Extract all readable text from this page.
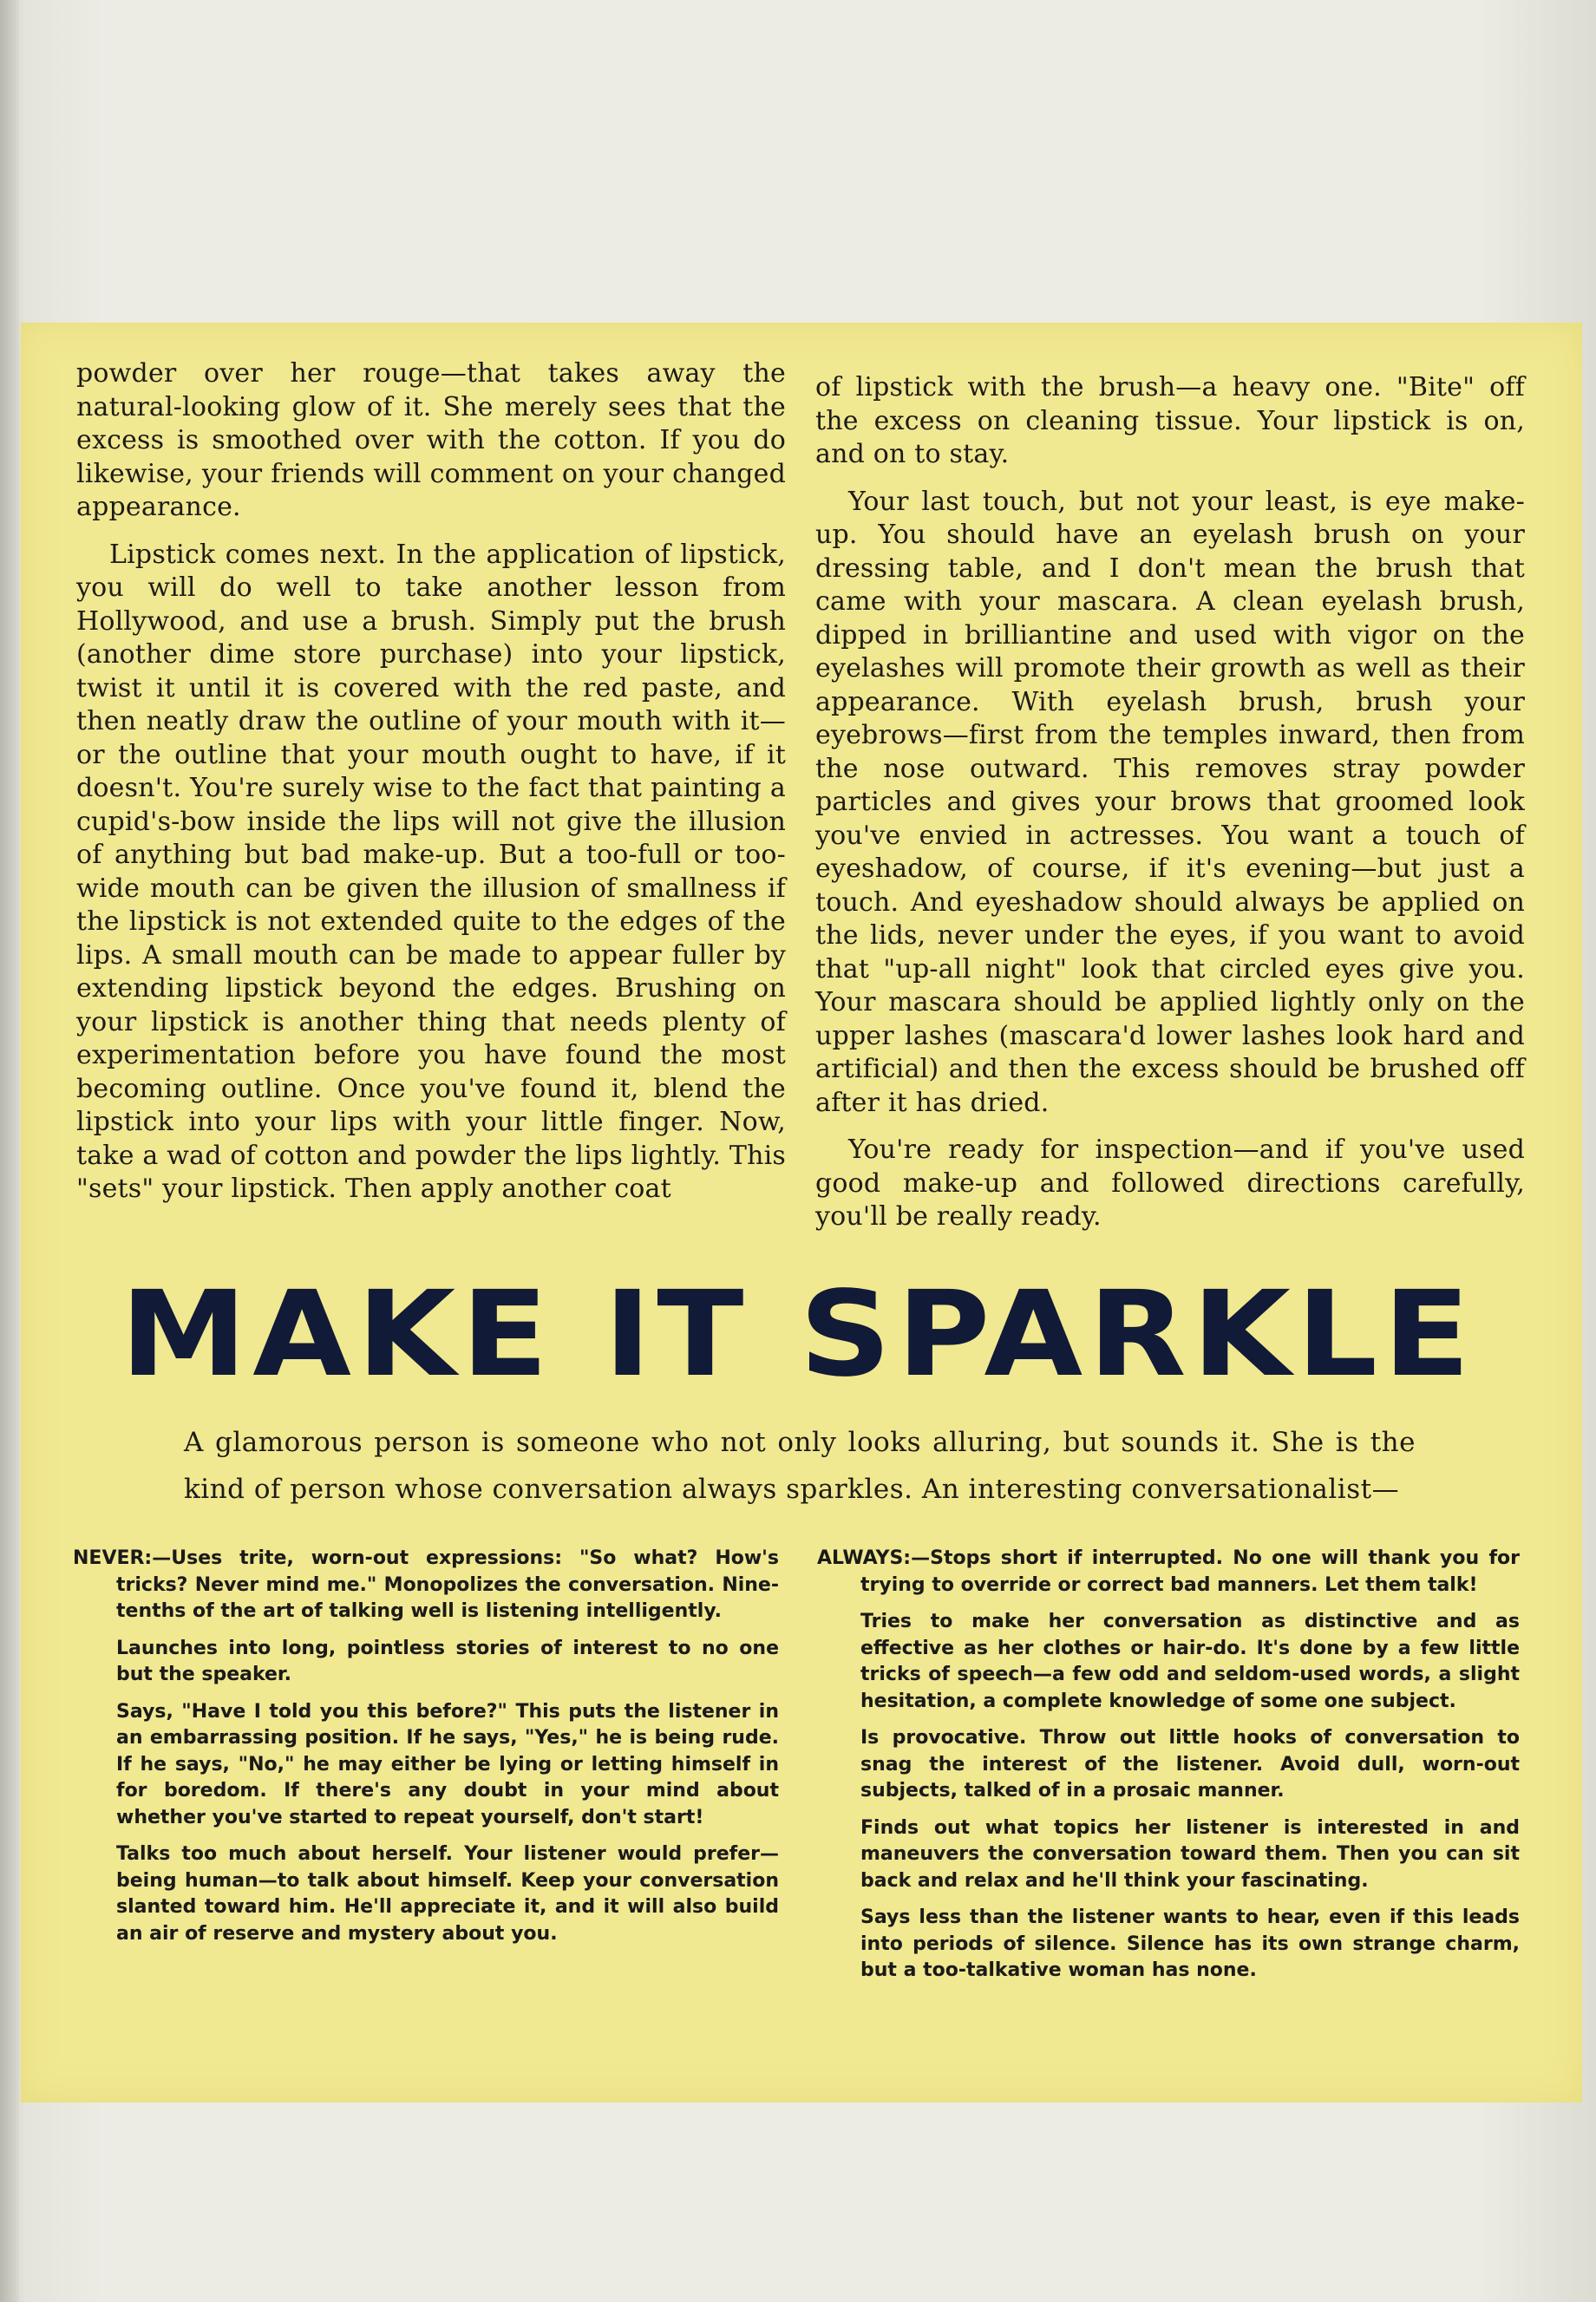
powder over her rouge—that takes away the natural-looking glow of it. She merely sees that the excess is smoothed over with the cotton. If you do likewise, your friends will comment on your changed appearance.

Lipstick comes next. In the application of lipstick, you will do well to take another lesson from Hollywood, and use a brush. Simply put the brush (another dime store purchase) into your lipstick, twist it until it is covered with the red paste, and then neatly draw the outline of your mouth with it—or the outline that your mouth ought to have, if it doesn't. You're surely wise to the fact that painting a cupid's-bow inside the lips will not give the illusion of anything but bad make-up. But a too-full or too-wide mouth can be given the illusion of smallness if the lipstick is not extended quite to the edges of the lips. A small mouth can be made to appear fuller by extending lipstick beyond the edges. Brushing on your lipstick is another thing that needs plenty of experimentation before you have found the most becoming outline. Once you've found it, blend the lipstick into your lips with your little finger. Now, take a wad of cotton and powder the lips lightly. This "sets" your lipstick. Then apply another coat

of lipstick with the brush—a heavy one. "Bite" off the excess on cleaning tissue. Your lipstick is on, and on to stay.

Your last touch, but not your least, is eye make-up. You should have an eyelash brush on your dressing table, and I don't mean the brush that came with your mascara. A clean eyelash brush, dipped in brilliantine and used with vigor on the eyelashes will promote their growth as well as their appearance. With eyelash brush, brush your eyebrows—first from the temples inward, then from the nose outward. This removes stray powder particles and gives your brows that groomed look you've envied in actresses. You want a touch of eyeshadow, of course, if it's evening—but just a touch. And eyeshadow should always be applied on the lids, never under the eyes, if you want to avoid that "up-all night" look that circled eyes give you. Your mascara should be applied lightly only on the upper lashes (mascara'd lower lashes look hard and artificial) and then the excess should be brushed off after it has dried.

You're ready for inspection—and if you've used good make-up and followed directions carefully, you'll be really ready.

MAKE IT SPARKLE
A glamorous person is someone who not only looks alluring, but sounds it. She is the kind of person whose conversation always sparkles. An interesting conversationalist—

NEVER:—Uses trite, worn-out expressions: "So what? How's tricks? Never mind me." Monopolizes the conversation. Nine-tenths of the art of talking well is listening intelligently.

Launches into long, pointless stories of interest to no one but the speaker.

Says, "Have I told you this before?" This puts the listener in an embarrassing position. If he says, "Yes," he is being rude. If he says, "No," he may either be lying or letting himself in for boredom. If there's any doubt in your mind about whether you've started to repeat yourself, don't start!

Talks too much about herself. Your listener would prefer—being human—to talk about himself. Keep your conversation slanted toward him. He'll appreciate it, and it will also build an air of reserve and mystery about you.

ALWAYS:—Stops short if interrupted. No one will thank you for trying to override or correct bad manners. Let them talk!

Tries to make her conversation as distinctive and as effective as her clothes or hair-do. It's done by a few little tricks of speech—a few odd and seldom-used words, a slight hesitation, a complete knowledge of some one subject.

Is provocative. Throw out little hooks of conversation to snag the interest of the listener. Avoid dull, worn-out subjects, talked of in a prosaic manner.

Finds out what topics her listener is interested in and maneuvers the conversation toward them. Then you can sit back and relax and he'll think your fascinating.

Says less than the listener wants to hear, even if this leads into periods of silence. Silence has its own strange charm, but a too-talkative woman has none.
